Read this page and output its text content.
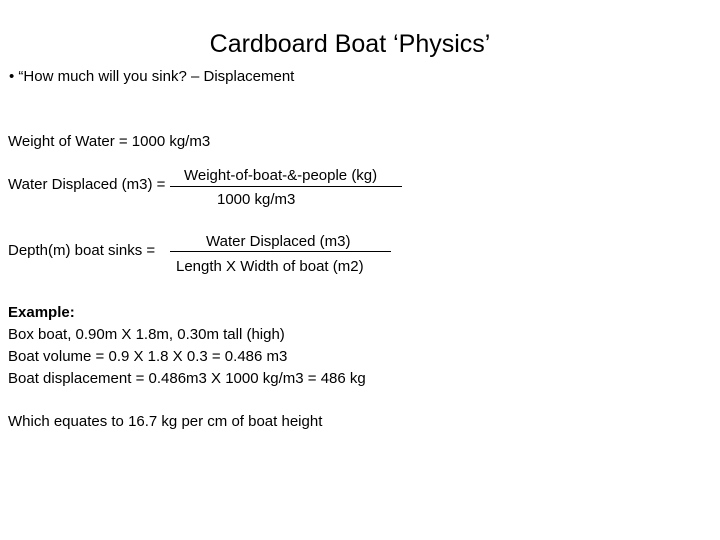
Cardboard Boat ‘Physics’
• “How much will you sink? – Displacement
Weight of Water = 1000 kg/m3
Water Displaced (m3) =
Weight-of-boat-&-people (kg)
1000 kg/m3
Depth(m) boat sinks =
Water Displaced (m3)
Length X Width of boat (m2)
Example:
Box boat, 0.90m X 1.8m, 0.30m tall (high)
Boat volume = 0.9 X 1.8 X 0.3 = 0.486 m3
Boat displacement = 0.486m3 X 1000 kg/m3 = 486 kg
Which equates to 16.7 kg per cm of boat height
